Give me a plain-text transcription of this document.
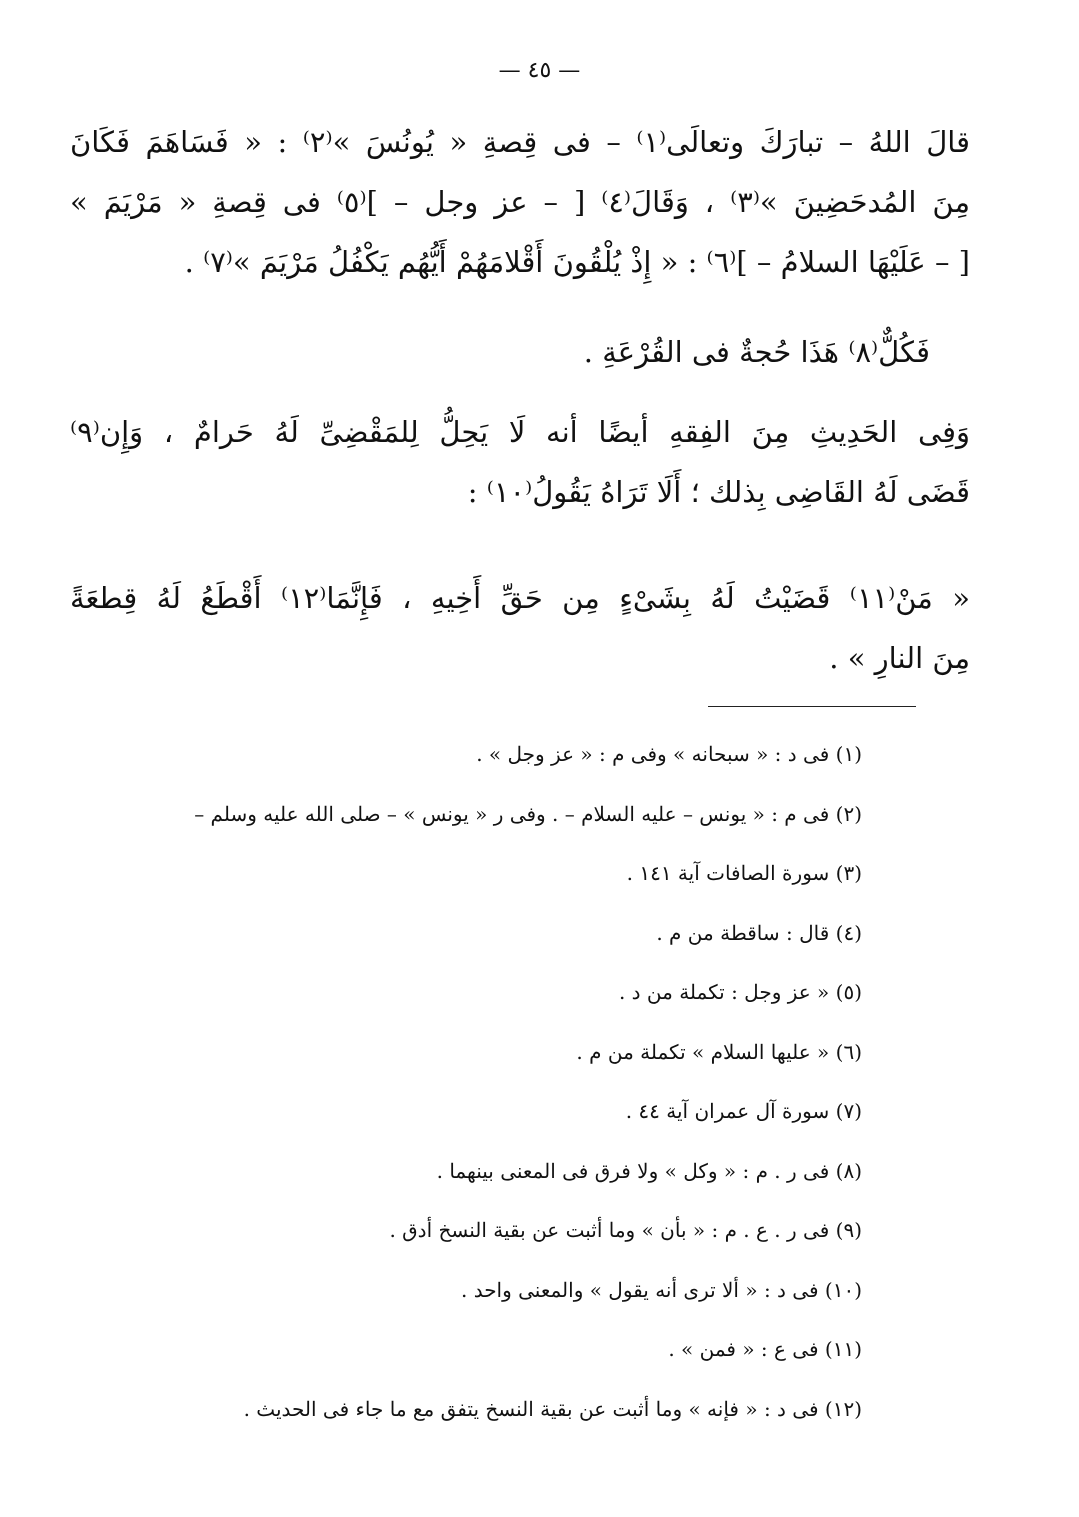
— ٤٥ —
قالَ اللهُ – تبارَكَ وتعالَى⁽١⁾ – فى قِصةِ « يُونُسَ »⁽٢⁾ : « فَسَاهَمَ فَكَانَ
مِنَ المُدحَضِينَ »⁽٣⁾ ، وَقَالَ⁽٤⁾ [ – عز وجل – ]⁽٥⁾ فى قِصةِ « مَرْيَمَ »
[ – عَلَيْهَا السلامُ – ]⁽٦⁾ : « إِذْ يُلْقُونَ أَقْلامَهُمْ أَيُّهُم يَكْفُلُ مَرْيَمَ »⁽٧⁾ .
فَكُلٌّ⁽٨⁾ هَذَا حُجةٌ فى القُرْعَةِ .
وَفِى الحَدِيثِ مِنَ الفِقهِ أيضًا أنه لَا يَحِلُّ لِلمَقْضِىِّ لَهُ حَرامٌ ، وَإِن⁽٩⁾
قَضَى لَهُ القَاضِى بِذلك ؛ أَلَا تَرَاهُ يَقُولُ⁽١٠⁾ :
« مَنْ⁽١١⁾ قَضَيْتُ لَهُ بِشَىْءٍ مِن حَقِّ أَخِيهِ ، فَإِنَّمَا⁽١٢⁾ أَقْطَعُ لَهُ قِطعَةً
مِنَ النارِ » .
(١) فى د : « سبحانه » وفى م : « عز وجل » .
(٢) فى م : « يونس – عليه السلام – . وفى ر « يونس » – صلى الله عليه وسلم –
(٣) سورة الصافات آية ١٤١ .
(٤) قال : ساقطة من م .
(٥) « عز وجل : تكملة من د .
(٦) « عليها السلام » تكملة من م .
(٧) سورة آل عمران آية ٤٤ .
(٨) فى ر . م : « وكل » ولا فرق فى المعنى بينهما .
(٩) فى ر . ع . م : « بأن » وما أثبت عن بقية النسخ أدق .
(١٠) فى د : « ألا ترى أنه يقول » والمعنى واحد .
(١١) فى ع : « فمن » .
(١٢) فى د : « فإنه » وما أثبت عن بقية النسخ يتفق مع ما جاء فى الحديث .
